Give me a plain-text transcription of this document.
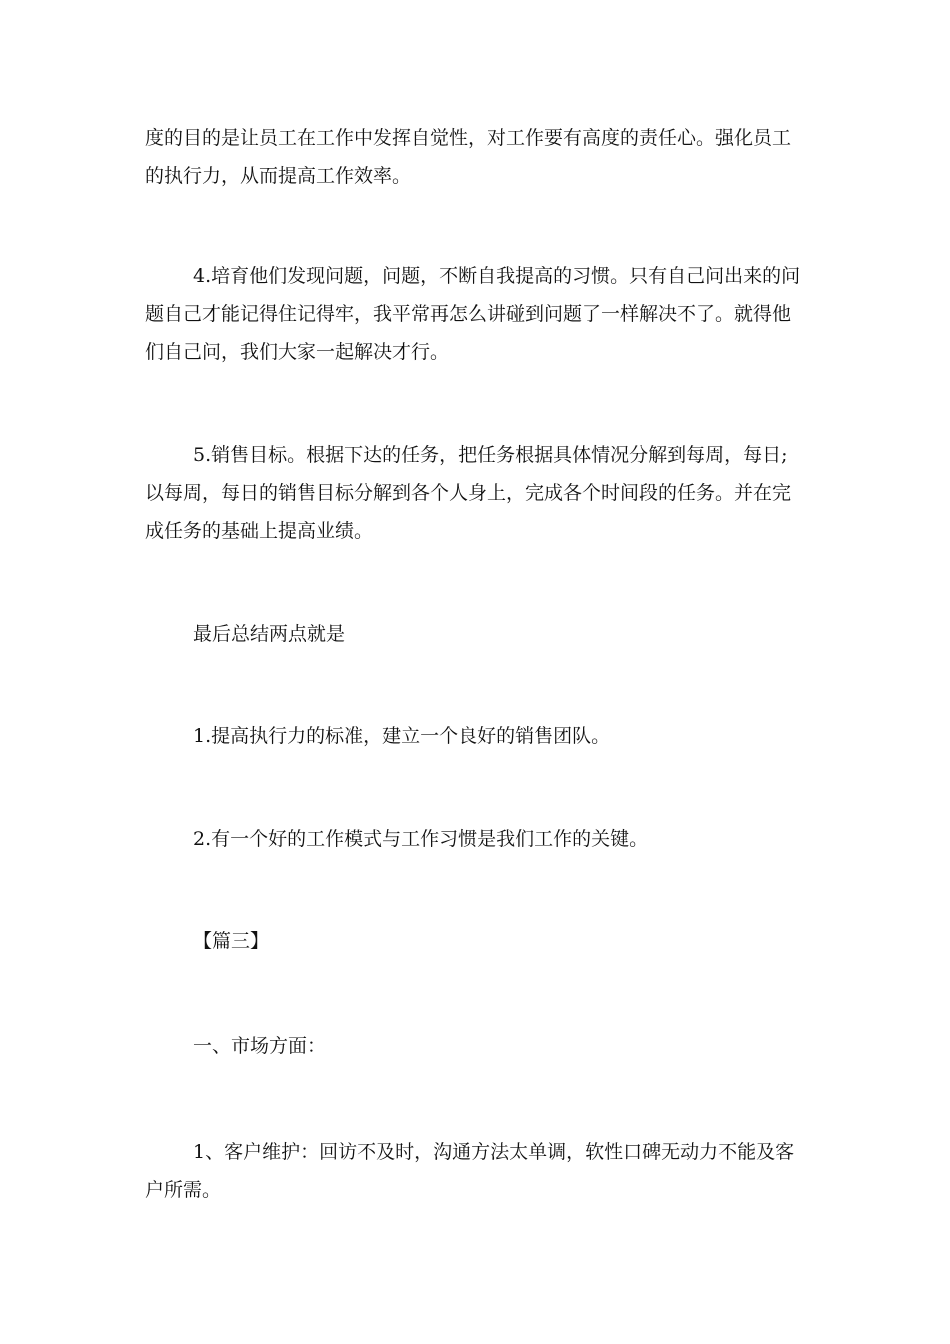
度的目的是让员工在工作中发挥自觉性，对工作要有高度的责任心。强化员工
的执行力，从而提高工作效率。

4.培育他们发现问题，问题，不断自我提高的习惯。只有自己问出来的问
题自己才能记得住记得牢，我平常再怎么讲碰到问题了一样解决不了。就得他
们自己问，我们大家一起解决才行。

5.销售目标。根据下达的任务，把任务根据具体情况分解到每周，每日;
以每周，每日的销售目标分解到各个人身上，完成各个时间段的任务。并在完
成任务的基础上提高业绩。

最后总结两点就是

1.提高执行力的标准，建立一个良好的销售团队。

2.有一个好的工作模式与工作习惯是我们工作的关键。

【篇三】

一、市场方面：

1、客户维护：回访不及时，沟通方法太单调，软性口碑无动力不能及客
户所需。
